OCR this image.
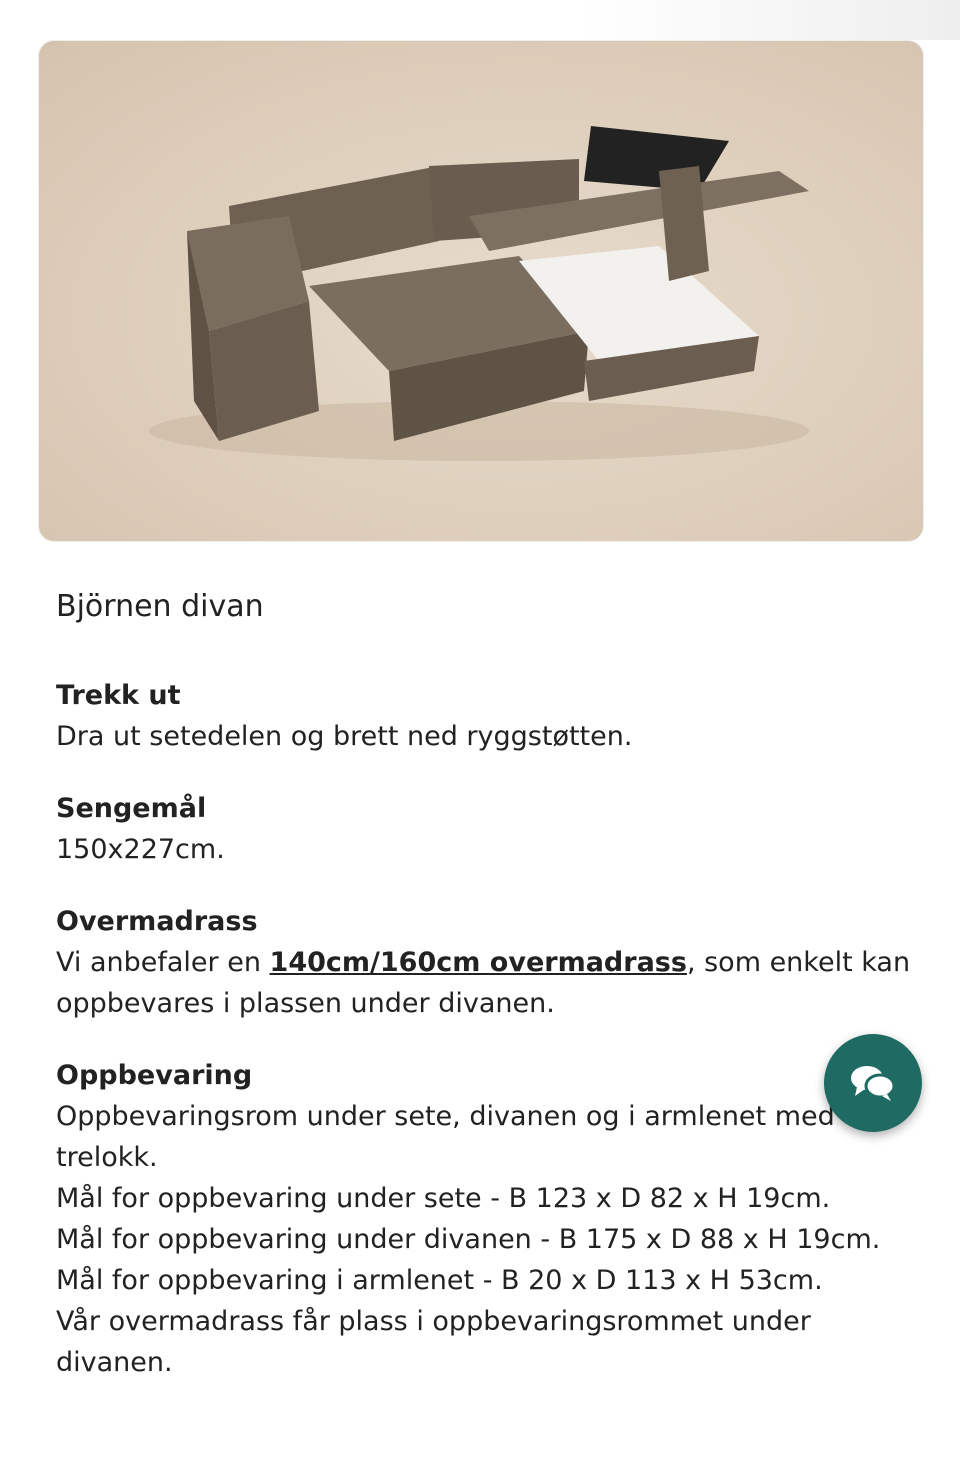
Björnen divan
Trekk ut
Dra ut setedelen og brett ned ryggstøtten.
Sengemål
150x227cm.
Overmadrass
Vi anbefaler en 140cm/160cm overmadrass, som enkelt kan oppbevares i plassen under divanen.
Oppbevaring
Oppbevaringsrom under sete, divanen og i armlenet med trelokk.
Mål for oppbevaring under sete - B 123 x D 82 x H 19cm.
Mål for oppbevaring under divanen - B 175 x D 88 x H 19cm.
Mål for oppbevaring i armlenet - B 20 x D 113 x H 53cm.
Vår overmadrass får plass i oppbevaringsrommet under divanen.
